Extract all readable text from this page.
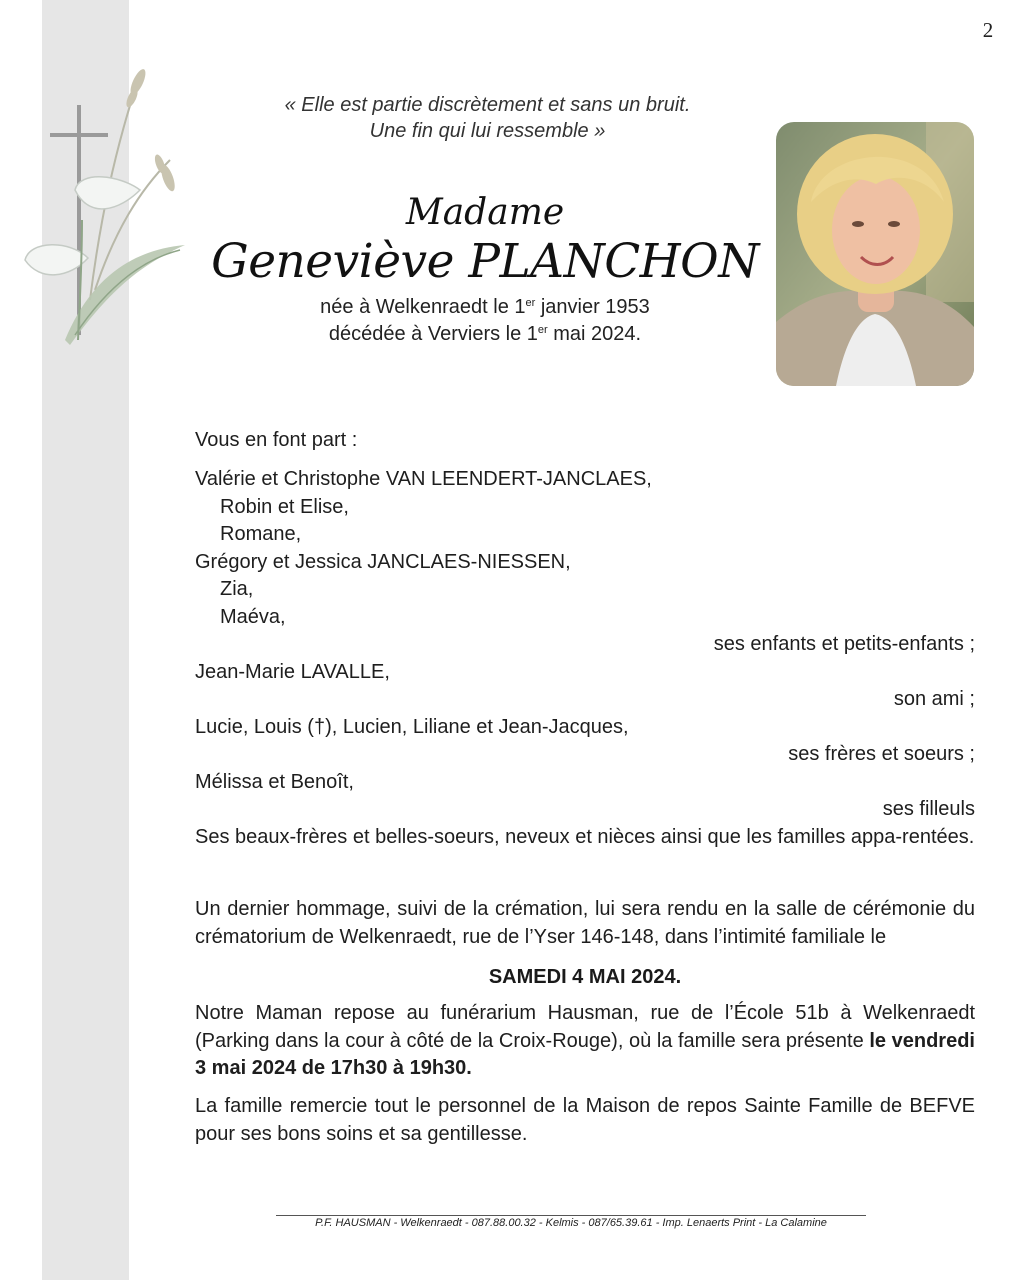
2
« Elle est partie discrètement et sans un bruit.
Une fin qui lui ressemble »
Madame
Geneviève PLANCHON
née à Welkenraedt le 1er janvier 1953
décédée à Verviers le 1er mai 2024.
Vous en font part :
Valérie et Christophe VAN LEENDERT-JANCLAES,
Robin et Elise,
Romane,
Grégory et Jessica JANCLAES-NIESSEN,
Zia,
Maéva,
ses enfants et petits-enfants ;
Jean-Marie LAVALLE,
son ami ;
Lucie, Louis (†), Lucien, Liliane et Jean-Jacques,
ses frères et soeurs ;
Mélissa et Benoît,
ses filleuls
Ses beaux-frères et belles-soeurs, neveux et nièces ainsi que les familles appa-rentées.
Un dernier hommage, suivi de la crémation, lui sera rendu en la salle de cérémonie du crématorium de Welkenraedt, rue de l’Yser 146-148, dans l’intimité familiale le
SAMEDI 4 MAI 2024.
Notre Maman repose au funérarium Hausman, rue de l’École 51b à Welkenraedt (Parking dans la cour à côté de la Croix-Rouge), où la famille sera présente le vendredi 3 mai 2024 de 17h30 à 19h30.
La famille remercie tout le personnel de la Maison de repos Sainte Famille de BEFVE pour ses bons soins et sa gentillesse.
P.F. HAUSMAN - Welkenraedt - 087.88.00.32 - Kelmis - 087/65.39.61 - Imp. Lenaerts Print - La Calamine
